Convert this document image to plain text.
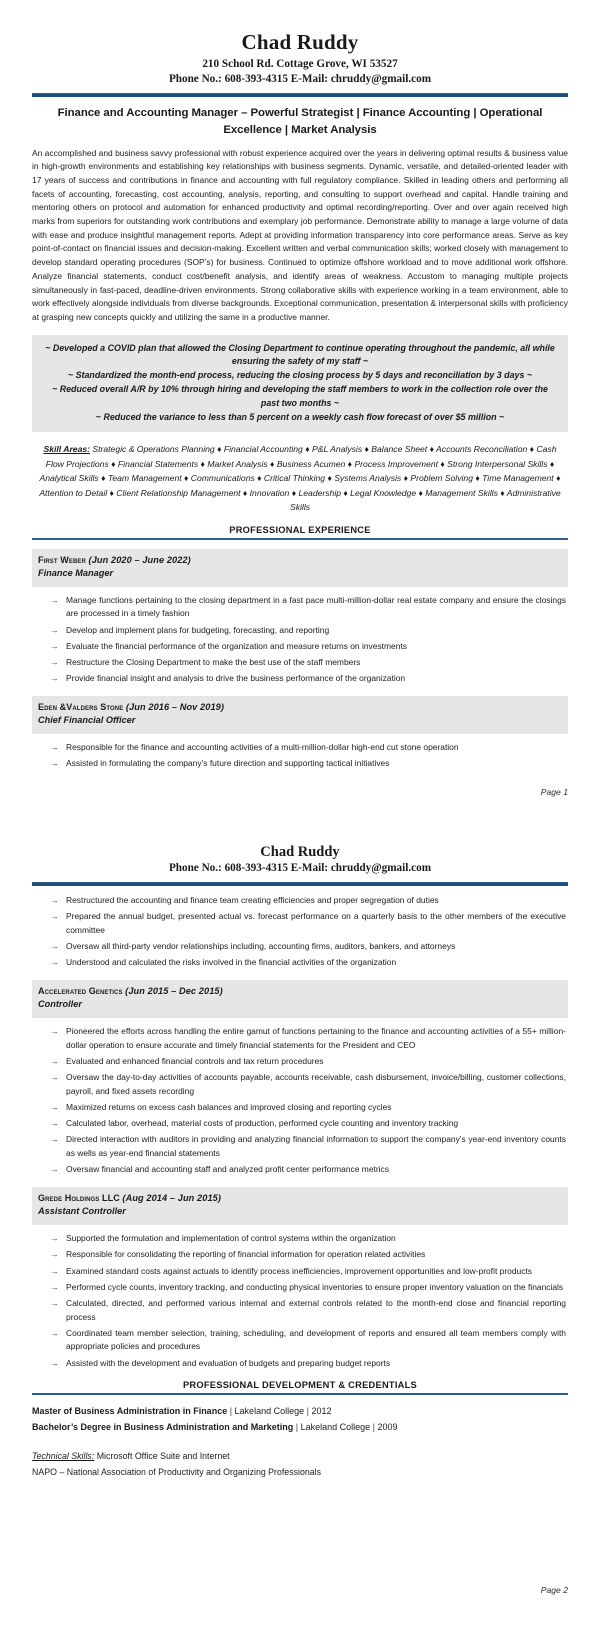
Chad Ruddy
210 School Rd. Cottage Grove, WI 53527
Phone No.: 608-393-4315 E-Mail: chruddy@gmail.com
Finance and Accounting Manager – Powerful Strategist | Finance Accounting | Operational Excellence | Market Analysis
An accomplished and business savvy professional with robust experience acquired over the years in delivering optimal results & business value in high-growth environments and establishing key relationships with business segments. Dynamic, versatile, and detailed-oriented leader with 17 years of success and contributions in finance and accounting with full regulatory compliance. Skilled in leading others and performing all facets of accounting, forecasting, cost accounting, analysis, reporting, and consulting to support overhead and capital. Handle training and mentoring others on protocol and automation for enhanced productivity and optimal recording/reporting. Over and over again received high marks from superiors for outstanding work contributions and exemplary job performance. Demonstrate ability to manage a large volume of data with ease and produce insightful management reports. Adept at providing information transparency into core performance areas. Serve as key point-of-contact on financial issues and decision-making. Excellent written and verbal communication skills; worked closely with management to develop standard operating procedures (SOP’s) for business. Continued to optimize offshore workload and to move additional work offshore. Analyze financial statements, conduct cost/benefit analysis, and identify areas of weakness. Accustom to managing multiple projects simultaneously in fast-paced, deadline-driven environments. Strong collaborative skills with experience working in a team environment, able to work effectively alongside individuals from diverse backgrounds. Exceptional communication, presentation & interpersonal skills with proficiency at grasping new concepts quickly and utilizing the same in a productive manner.

~ Developed a COVID plan that allowed the Closing Department to continue operating throughout the pandemic, all while ensuring the safety of my staff ~

~ Standardized the month-end process, reducing the closing process by 5 days and reconciliation by 3 days ~

~ Reduced overall A/R by 10% through hiring and developing the staff members to work in the collection role over the past two months ~

~ Reduced the variance to less than 5 percent on a weekly cash flow forecast of over $5 million ~

Skill Areas: Strategic & Operations Planning ♦ Financial Accounting ♦ P&L Analysis ♦ Balance Sheet ♦ Accounts Reconciliation ♦ Cash Flow Projections ♦ Financial Statements ♦ Market Analysis ♦ Business Acumen ♦ Process Improvement ♦ Strong Interpersonal Skills ♦ Analytical Skills ♦ Team Management ♦ Communications ♦ Critical Thinking ♦ Systems Analysis ♦ Problem Solving ♦ Time Management ♦ Attention to Detail ♦ Client Relationship Management ♦ Innovation ♦ Leadership ♦ Legal Knowledge ♦ Management Skills ♦ Administrative Skills
PROFESSIONAL EXPERIENCE
First Weber (Jun 2020 – June 2022)
Finance Manager
→ Manage functions pertaining to the closing department in a fast pace multi-million-dollar real estate company and ensure the closings are processed in a timely fashion
→ Develop and implement plans for budgeting, forecasting, and reporting
→ Evaluate the financial performance of the organization and measure returns on investments
→ Restructure the Closing Department to make the best use of the staff members
→ Provide financial insight and analysis to drive the business performance of the organization
Eden &Valders Stone (Jun 2016 – Nov 2019)
Chief Financial Officer
→ Responsible for the finance and accounting activities of a multi-million-dollar high-end cut stone operation
→ Assisted in formulating the company’s future direction and supporting tactical initiatives
Page 1
Chad Ruddy
Phone No.: 608-393-4315 E-Mail: chruddy@gmail.com
→ Restructured the accounting and finance team creating efficiencies and proper segregation of duties
→ Prepared the annual budget, presented actual vs. forecast performance on a quarterly basis to the other members of the executive committee
→ Oversaw all third-party vendor relationships including, accounting firms, auditors, bankers, and attorneys
→ Understood and calculated the risks involved in the financial activities of the organization
Accelerated Genetics (Jun 2015 – Dec 2015)
Controller
→ Pioneered the efforts across handling the entire gamut of functions pertaining to the finance and accounting activities of a 55+ million-dollar operation to ensure accurate and timely financial statements for the President and CEO
→ Evaluated and enhanced financial controls and tax return procedures
→ Oversaw the day-to-day activities of accounts payable, accounts receivable, cash disbursement, invoice/billing, customer collections, payroll, and fixed assets recording
→ Maximized returns on excess cash balances and improved closing and reporting cycles
→ Calculated labor, overhead, material costs of production, performed cycle counting and inventory tracking
→ Directed interaction with auditors in providing and analyzing financial information to support the company’s year-end inventory counts as wells as year-end financial statements
→ Oversaw financial and accounting staff and analyzed profit center performance metrics
Grede Holdings LLC (Aug 2014 – Jun 2015)
Assistant Controller
→ Supported the formulation and implementation of control systems within the organization
→ Responsible for consolidating the reporting of financial information for operation related activities
→ Examined standard costs against actuals to identify process inefficiencies, improvement opportunities and low-profit products
→ Performed cycle counts, inventory tracking, and conducting physical inventories to ensure proper inventory valuation on the financials
→ Calculated, directed, and performed various internal and external controls related to the month-end close and financial reporting process
→ Coordinated team member selection, training, scheduling, and development of reports and ensured all team members comply with appropriate policies and procedures
→ Assisted with the development and evaluation of budgets and preparing budget reports
PROFESSIONAL DEVELOPMENT & CREDENTIALS
Master of Business Administration in Finance | Lakeland College | 2012
Bachelor’s Degree in Business Administration and Marketing | Lakeland College | 2009
Technical Skills: Microsoft Office Suite and Internet
NAPO – National Association of Productivity and Organizing Professionals
Page 2
